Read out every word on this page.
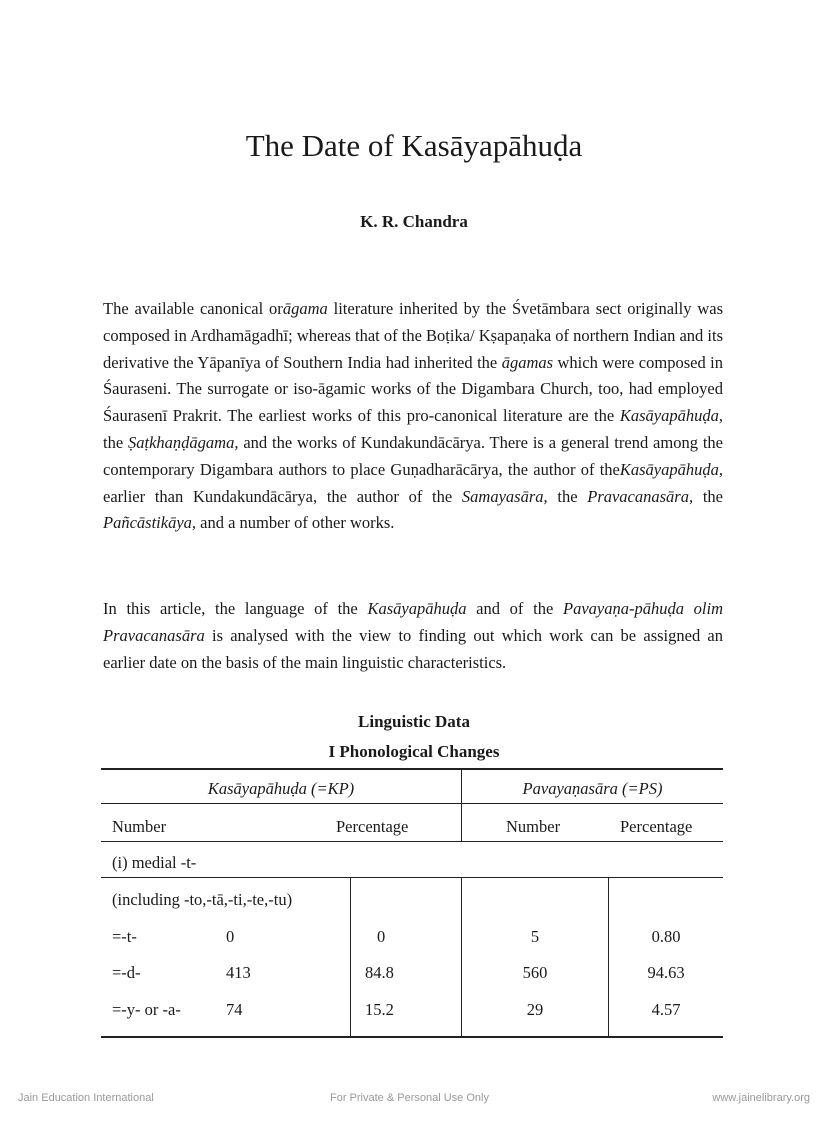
The Date of Kasāyapāhuḍa
K. R. Chandra

The available canonical orāgama literature inherited by the Śvetāmbara sect originally was composed in Ardhamāgadhī; whereas that of the Boṭika/ Kṣapaṇaka of northern Indian and its derivative the Yāpanīya of Southern India had inherited the āgamas which were composed in Śauraseni. The surrogate or iso-āgamic works of the Digambara Church, too, had employed Śaurasenī Prakrit. The earliest works of this pro-canonical literature are the Kasāyapāhuḍa, the Ṣaṭkhaṇḍāgama, and the works of Kundakundācārya. There is a general trend among the contemporary Digambara authors to place Guṇadharācārya, the author of theKasāyapāhuḍa, earlier than Kundakundācārya, the author of the Samayasāra, the Pravacanasāra, the Pañcāstikāya, and a number of other works.

In this article, the language of the Kasāyapāhuḍa and of the Pavayaṇa-pāhuḍa olim Pravacanasāra is analysed with the view to finding out which work can be assigned an earlier date on the basis of the main linguistic characteristics.

Linguistic Data
I Phonological Changes
Kasāyapāhuḍa (=KP)	Pavayaṇasāra (=PS)
Number	Percentage	Number	Percentage
(i) medial -t-
(including -to,-tā,-ti,-te,-tu)
=-t-	0	0	5	0.80
=-d-	413	84.8	560	94.63
=-y- or -a-	74	15.2	29	4.57
Jain Education International	For Private & Personal Use Only	www.jainelibrary.org
